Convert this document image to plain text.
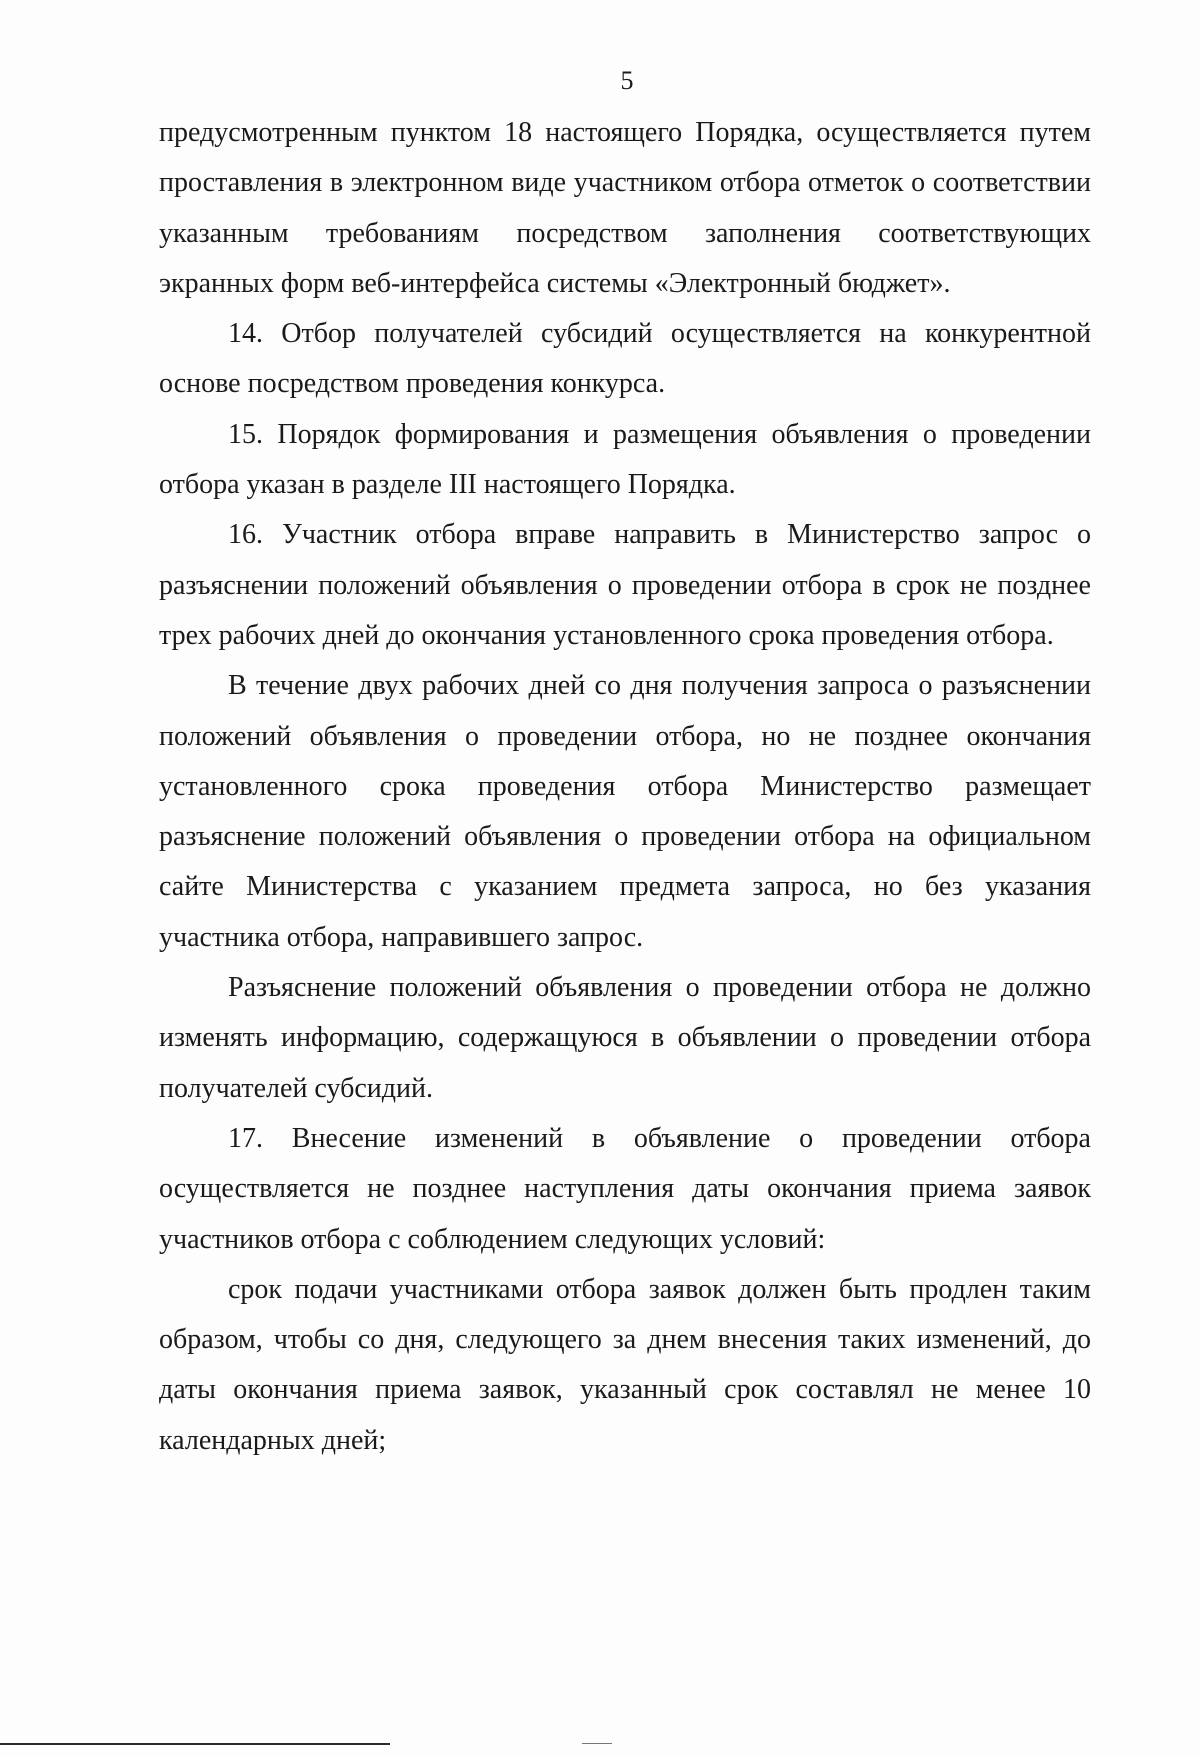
5

предусмотренным пунктом 18 настоящего Порядка, осуществляется путем проставления в электронном виде участником отбора отметок о соответствии указанным требованиям посредством заполнения соответствующих экранных форм веб-интерфейса системы «Электронный бюджет».

14. Отбор получателей субсидий осуществляется на конкурентной основе посредством проведения конкурса.

15. Порядок формирования и размещения объявления о проведении отбора указан в разделе III настоящего Порядка.

16. Участник отбора вправе направить в Министерство запрос о разъяснении положений объявления о проведении отбора в срок не позднее трех рабочих дней до окончания установленного срока проведения отбора.

В течение двух рабочих дней со дня получения запроса о разъяснении положений объявления о проведении отбора, но не позднее окончания установленного срока проведения отбора Министерство размещает разъяснение положений объявления о проведении отбора на официальном сайте Министерства с указанием предмета запроса, но без указания участника отбора, направившего запрос.

Разъяснение положений объявления о проведении отбора не должно изменять информацию, содержащуюся в объявлении о проведении отбора получателей субсидий.

17. Внесение изменений в объявление о проведении отбора осуществляется не позднее наступления даты окончания приема заявок участников отбора с соблюдением следующих условий:

срок подачи участниками отбора заявок должен быть продлен таким образом, чтобы со дня, следующего за днем внесения таких изменений, до даты окончания приема заявок, указанный срок составлял не менее 10 календарных дней;
